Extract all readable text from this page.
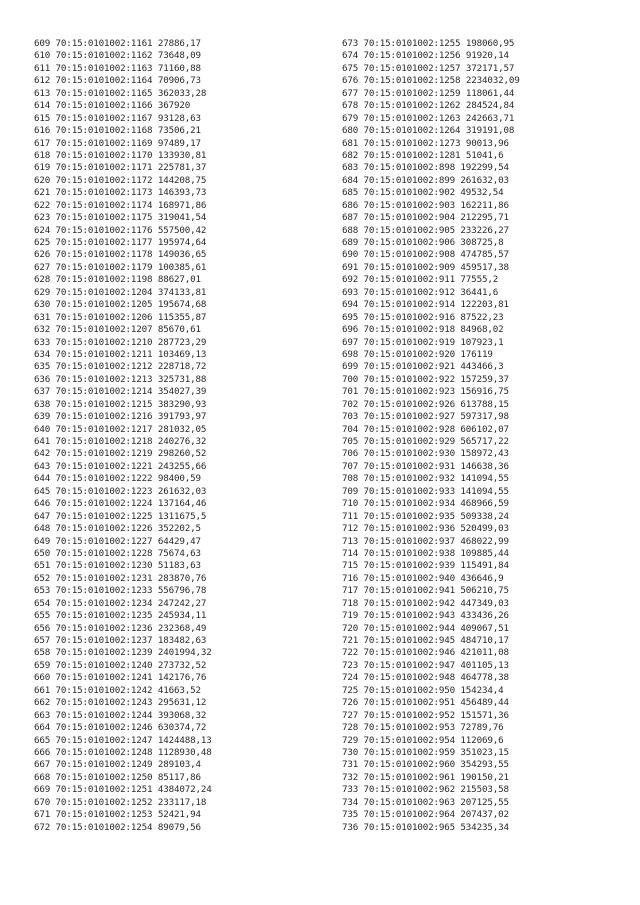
609 70:15:0101002:1161 27886,17
610 70:15:0101002:1162 73648,09
611 70:15:0101002:1163 71160,88
612 70:15:0101002:1164 70906,73
613 70:15:0101002:1165 362033,28
614 70:15:0101002:1166 367920
615 70:15:0101002:1167 93128,63
616 70:15:0101002:1168 73506,21
617 70:15:0101002:1169 97489,17
618 70:15:0101002:1170 133930,81
619 70:15:0101002:1171 225781,37
620 70:15:0101002:1172 144208,75
621 70:15:0101002:1173 146393,73
622 70:15:0101002:1174 168971,86
623 70:15:0101002:1175 319041,54
624 70:15:0101002:1176 557500,42
625 70:15:0101002:1177 195974,64
626 70:15:0101002:1178 149036,65
627 70:15:0101002:1179 100385,61
628 70:15:0101002:1198 88627,01
629 70:15:0101002:1204 374133,81
630 70:15:0101002:1205 195674,68
631 70:15:0101002:1206 115355,87
632 70:15:0101002:1207 85670,61
633 70:15:0101002:1210 287723,29
634 70:15:0101002:1211 103469,13
635 70:15:0101002:1212 228718,72
636 70:15:0101002:1213 325731,88
637 70:15:0101002:1214 354027,39
638 70:15:0101002:1215 383290,93
639 70:15:0101002:1216 391793,97
640 70:15:0101002:1217 281032,05
641 70:15:0101002:1218 240276,32
642 70:15:0101002:1219 298260,52
643 70:15:0101002:1221 243255,66
644 70:15:0101002:1222 98400,59
645 70:15:0101002:1223 261632,03
646 70:15:0101002:1224 137164,46
647 70:15:0101002:1225 1311675,5
648 70:15:0101002:1226 352202,5
649 70:15:0101002:1227 64429,47
650 70:15:0101002:1228 75674,63
651 70:15:0101002:1230 51183,63
652 70:15:0101002:1231 283870,76
653 70:15:0101002:1233 556796,78
654 70:15:0101002:1234 247242,27
655 70:15:0101002:1235 245934,11
656 70:15:0101002:1236 232368,49
657 70:15:0101002:1237 183482,63
658 70:15:0101002:1239 2401994,32
659 70:15:0101002:1240 273732,52
660 70:15:0101002:1241 142176,76
661 70:15:0101002:1242 41663,52
662 70:15:0101002:1243 295631,12
663 70:15:0101002:1244 393068,32
664 70:15:0101002:1246 630374,72
665 70:15:0101002:1247 1424488,13
666 70:15:0101002:1248 1128930,48
667 70:15:0101002:1249 289103,4
668 70:15:0101002:1250 85117,86
669 70:15:0101002:1251 4384072,24
670 70:15:0101002:1252 233117,18
671 70:15:0101002:1253 52421,94
672 70:15:0101002:1254 89079,56
673 70:15:0101002:1255 198060,95
674 70:15:0101002:1256 91920,14
675 70:15:0101002:1257 372171,57
676 70:15:0101002:1258 2234032,09
677 70:15:0101002:1259 118061,44
678 70:15:0101002:1262 284524,84
679 70:15:0101002:1263 242663,71
680 70:15:0101002:1264 319191,08
681 70:15:0101002:1273 90013,96
682 70:15:0101002:1281 51041,6
683 70:15:0101002:898 192299,54
684 70:15:0101002:899 261632,03
685 70:15:0101002:902 49532,54
686 70:15:0101002:903 162211,86
687 70:15:0101002:904 212295,71
688 70:15:0101002:905 233226,27
689 70:15:0101002:906 308725,8
690 70:15:0101002:908 474785,57
691 70:15:0101002:909 459517,38
692 70:15:0101002:911 77555,2
693 70:15:0101002:912 36441,6
694 70:15:0101002:914 122203,81
695 70:15:0101002:916 87522,23
696 70:15:0101002:918 84968,02
697 70:15:0101002:919 107923,1
698 70:15:0101002:920 176119
699 70:15:0101002:921 443466,3
700 70:15:0101002:922 157259,37
701 70:15:0101002:923 156916,75
702 70:15:0101002:926 613788,15
703 70:15:0101002:927 597317,98
704 70:15:0101002:928 606102,07
705 70:15:0101002:929 565717,22
706 70:15:0101002:930 158972,43
707 70:15:0101002:931 146638,36
708 70:15:0101002:932 141094,55
709 70:15:0101002:933 141094,55
710 70:15:0101002:934 468966,59
711 70:15:0101002:935 509338,24
712 70:15:0101002:936 520499,03
713 70:15:0101002:937 468022,99
714 70:15:0101002:938 109885,44
715 70:15:0101002:939 115491,84
716 70:15:0101002:940 436646,9
717 70:15:0101002:941 506210,75
718 70:15:0101002:942 447349,03
719 70:15:0101002:943 433436,26
720 70:15:0101002:944 409067,51
721 70:15:0101002:945 484710,17
722 70:15:0101002:946 421011,08
723 70:15:0101002:947 401105,13
724 70:15:0101002:948 464778,38
725 70:15:0101002:950 154234,4
726 70:15:0101002:951 456489,44
727 70:15:0101002:952 151571,36
728 70:15:0101002:953 72789,76
729 70:15:0101002:954 112069,6
730 70:15:0101002:959 351023,15
731 70:15:0101002:960 354293,55
732 70:15:0101002:961 190150,21
733 70:15:0101002:962 215503,58
734 70:15:0101002:963 207125,55
735 70:15:0101002:964 207437,02
736 70:15:0101002:965 534235,34
